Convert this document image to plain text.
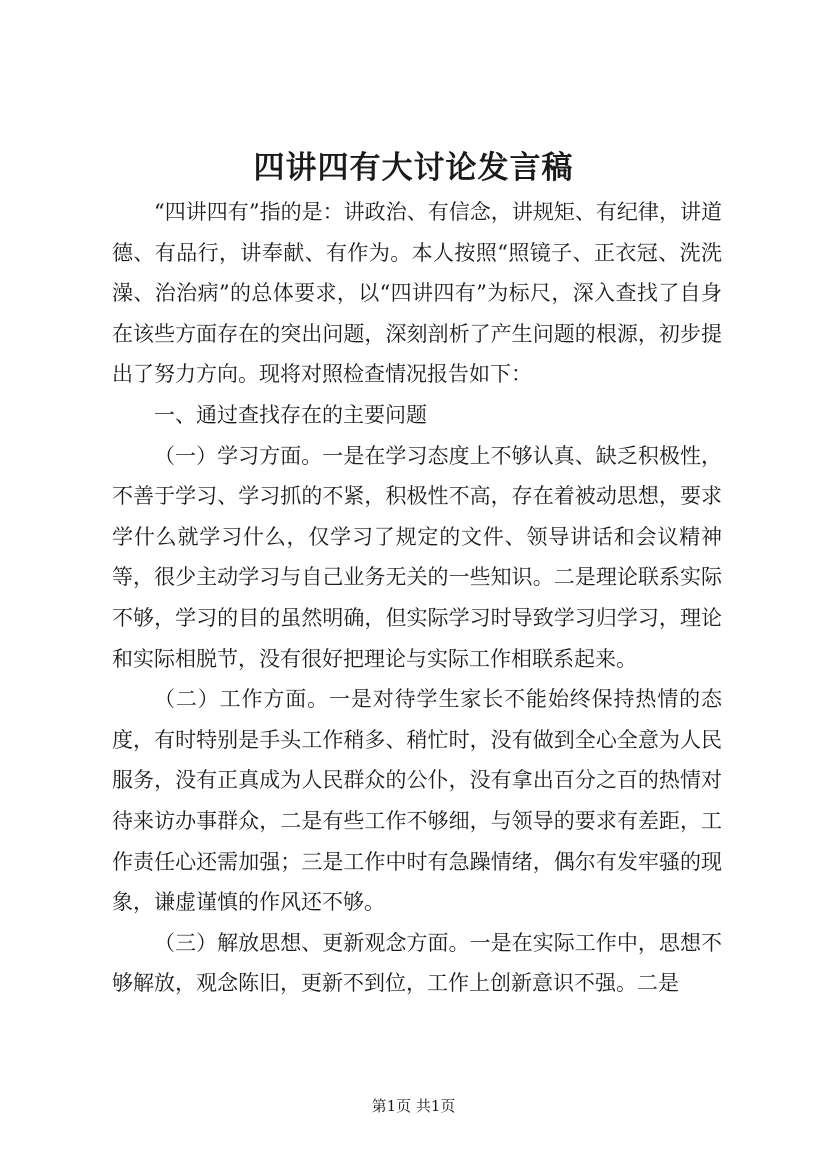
四讲四有大讨论发言稿

“四讲四有”指的是：讲政治、有信念，讲规矩、有纪律，讲道德、有品行，讲奉献、有作为。本人按照“照镜子、正衣冠、洗洗澡、治治病”的总体要求，以“四讲四有”为标尺，深入查找了自身在该些方面存在的突出问题，深刻剖析了产生问题的根源，初步提出了努力方向。现将对照检查情况报告如下：

一、通过查找存在的主要问题

（一）学习方面。一是在学习态度上不够认真、缺乏积极性，不善于学习、学习抓的不紧，积极性不高，存在着被动思想，要求学什么就学习什么，仅学习了规定的文件、领导讲话和会议精神等，很少主动学习与自己业务无关的一些知识。二是理论联系实际不够，学习的目的虽然明确，但实际学习时导致学习归学习，理论和实际相脱节，没有很好把理论与实际工作相联系起来。

（二）工作方面。一是对待学生家长不能始终保持热情的态度，有时特别是手头工作稍多、稍忙时，没有做到全心全意为人民服务，没有正真成为人民群众的公仆，没有拿出百分之百的热情对待来访办事群众，二是有些工作不够细，与领导的要求有差距，工作责任心还需加强；三是工作中时有急躁情绪，偶尔有发牢骚的现象，谦虚谨慎的作风还不够。

（三）解放思想、更新观念方面。一是在实际工作中，思想不够解放，观念陈旧，更新不到位，工作上创新意识不强。二是

第1页 共1页
